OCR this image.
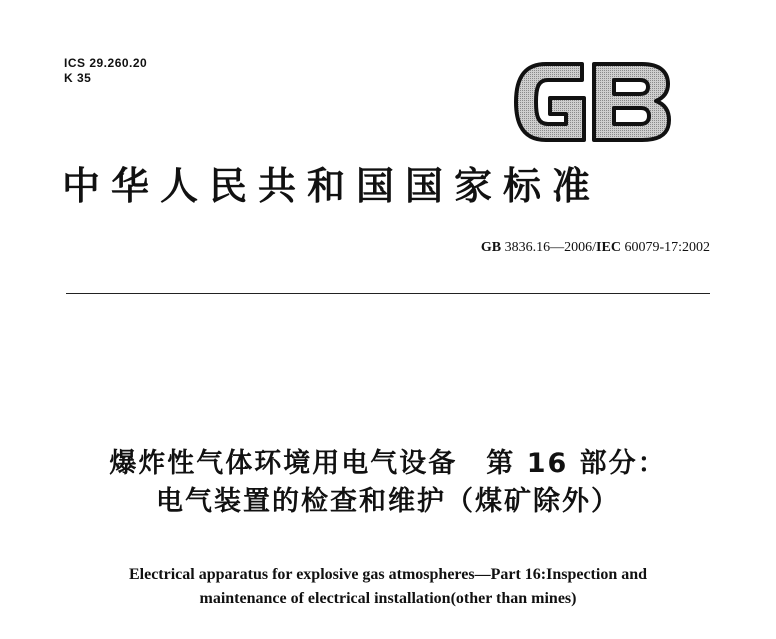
ICS 29.260.20
K 35
中华人民共和国国家标准
GB 3836.16—2006/IEC 60079-17:2002
爆炸性气体环境用电气设备　第 16 部分：
电气装置的检查和维护（煤矿除外）
Electrical apparatus for explosive gas atmospheres—Part 16:Inspection and
maintenance of electrical installation(other than mines)
